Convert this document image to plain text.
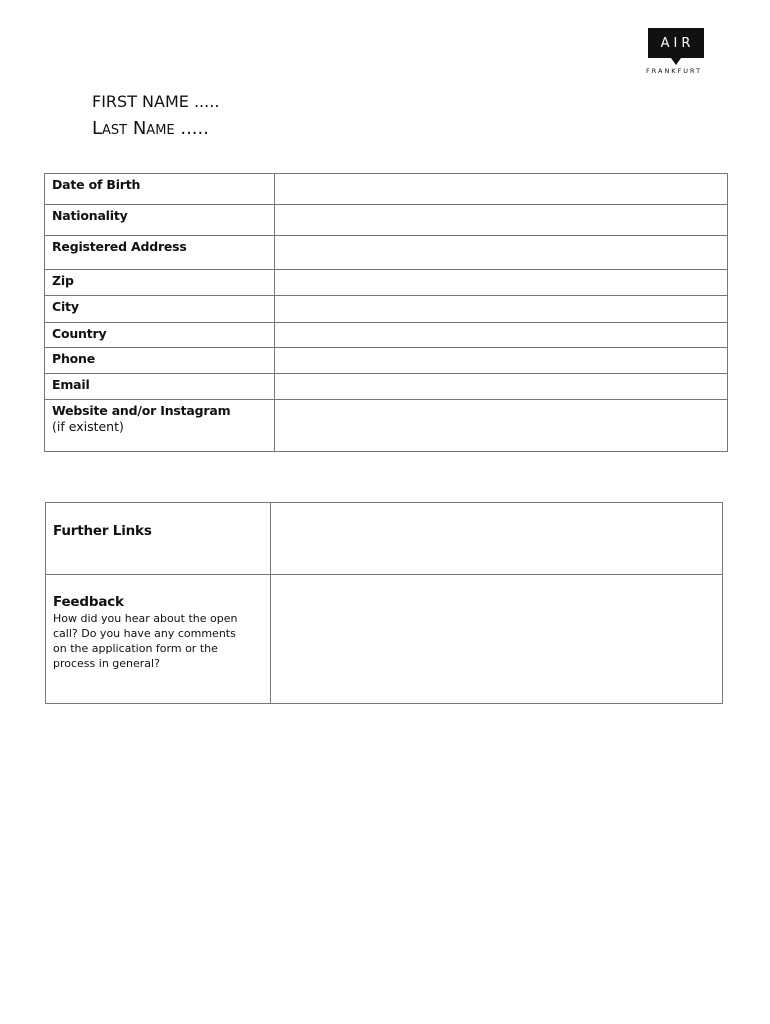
AIR
FRANKFURT
FIRST NAME .....
Last Name .....
Date of Birth	

Nationality	

Registered Address	

Zip	

City	

Country	

Phone	

Email	

Website and/or Instagram
(if existent)	

Further Links	

Feedback
How did you hear about the open call? Do you have any comments on the application form or the process in general?	
